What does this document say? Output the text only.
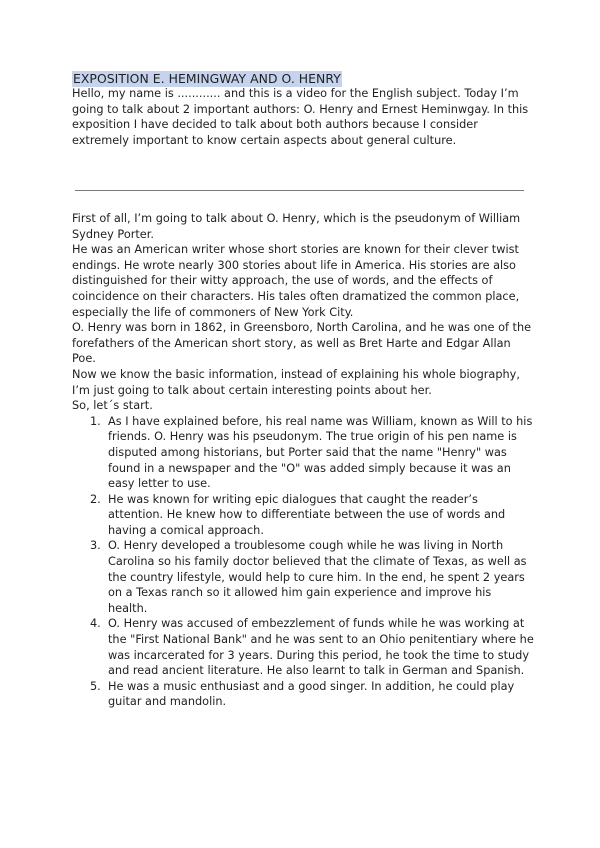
EXPOSITION E. HEMINGWAY AND O. HENRY

Hello, my name is ............ and this is a video for the English subject. Today I’m going to talk about 2 important authors: O. Henry and Ernest Heminwgay. In this exposition I have decided to talk about both authors because I consider extremely important to know certain aspects about general culture.

First of all, I’m going to talk about O. Henry, which is the pseudonym of William Sydney Porter.

He was an American writer whose short stories are known for their clever twist endings. He wrote nearly 300 stories about life in America. His stories are also distinguished for their witty approach, the use of words, and the effects of coincidence on their characters. His tales often dramatized the common place, especially the life of commoners of New York City.

O. Henry was born in 1862, in Greensboro, North Carolina, and he was one of the forefathers of the American short story, as well as Bret Harte and Edgar Allan Poe.

Now we know the basic information, instead of explaining his whole biography, I’m just going to talk about certain interesting points about her.

So, let´s start.

1. As I have explained before, his real name was William, known as Will to his friends. O. Henry was his pseudonym. The true origin of his pen name is disputed among historians, but Porter said that the name "Henry" was found in a newspaper and the "O" was added simply because it was an easy letter to use.
2. He was known for writing epic dialogues that caught the reader’s attention. He knew how to differentiate between the use of words and having a comical approach.
3. O. Henry developed a troublesome cough while he was living in North Carolina so his family doctor believed that the climate of Texas, as well as the country lifestyle, would help to cure him. In the end, he spent 2 years on a Texas ranch so it allowed him gain experience and improve his health.
4. O. Henry was accused of embezzlement of funds while he was working at the "First National Bank" and he was sent to an Ohio penitentiary where he was incarcerated for 3 years. During this period, he took the time to study and read ancient literature. He also learnt to talk in German and Spanish.
5. He was a music enthusiast and a good singer. In addition, he could play guitar and mandolin.
